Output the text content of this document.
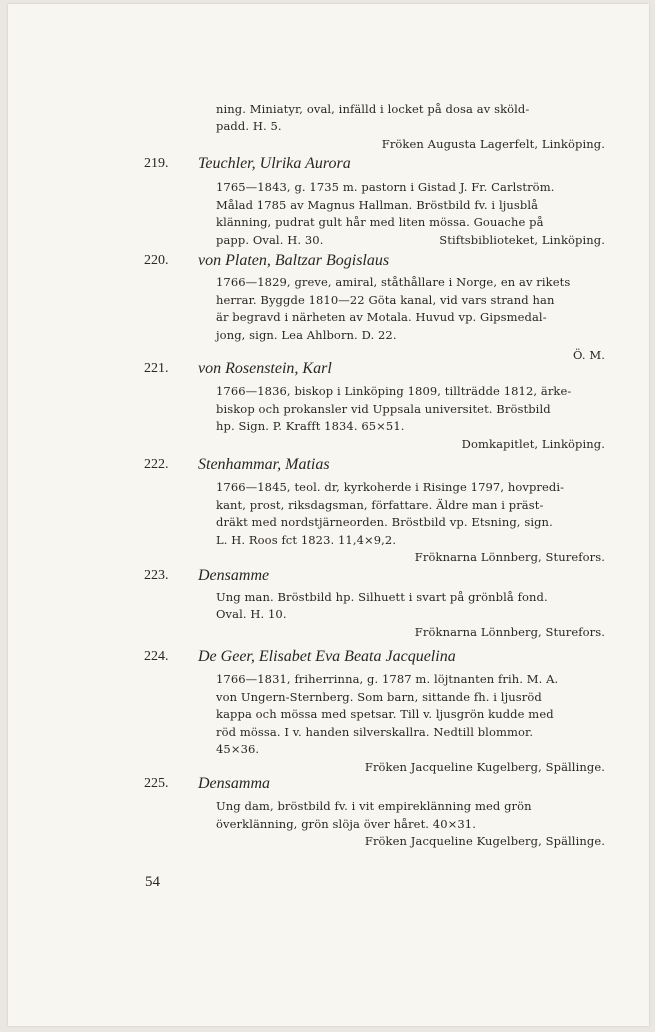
ning. Miniatyr, oval, infälld i locket på dosa av sköld-
padd. H. 5.
Fröken Augusta Lagerfelt, Linköping.
219. Teuchler, Ulrika Aurora
1765—1843, g. 1735 m. pastorn i Gistad J. Fr. Carlström.
Målad 1785 av Magnus Hallman. Bröstbild fv. i ljusblå
klänning, pudrat gult hår med liten mössa. Gouache på
papp. Oval. H. 30.	Stiftsbiblioteket, Linköping.
220. von Platen, Baltzar Bogislaus
1766—1829, greve, amiral, ståthållare i Norge, en av rikets
herrar. Byggde 1810—22 Göta kanal, vid vars strand han
är begravd i närheten av Motala. Huvud vp. Gipsmedal-
jong, sign. Lea Ahlborn. D. 22.
Ö. M.
221. von Rosenstein, Karl
1766—1836, biskop i Linköping 1809, tillträdde 1812, ärke-
biskop och prokansler vid Uppsala universitet. Bröstbild
hp. Sign. P. Krafft 1834. 65×51.
Domkapitlet, Linköping.
222. Stenhammar, Matias
1766—1845, teol. dr, kyrkoherde i Risinge 1797, hovpredi-
kant, prost, riksdagsman, författare. Äldre man i präst-
dräkt med nordstjärneorden. Bröstbild vp. Etsning, sign.
L. H. Roos fct 1823. 11,4×9,2.
Fröknarna Lönnberg, Sturefors.
223. Densamme
Ung man. Bröstbild hp. Silhuett i svart på grönblå fond.
Oval. H. 10.
Fröknarna Lönnberg, Sturefors.
224. De Geer, Elisabet Eva Beata Jacquelina
1766—1831, friherrinna, g. 1787 m. löjtnanten frih. M. A.
von Ungern-Sternberg. Som barn, sittande fh. i ljusröd
kappa och mössa med spetsar. Till v. ljusgrön kudde med
röd mössa. I v. handen silverskallra. Nedtill blommor.
45×36.
Fröken Jacqueline Kugelberg, Spällinge.
225. Densamma
Ung dam, bröstbild fv. i vit empireklänning med grön
överklänning, grön slöja över håret. 40×31.
Fröken Jacqueline Kugelberg, Spällinge.
54
